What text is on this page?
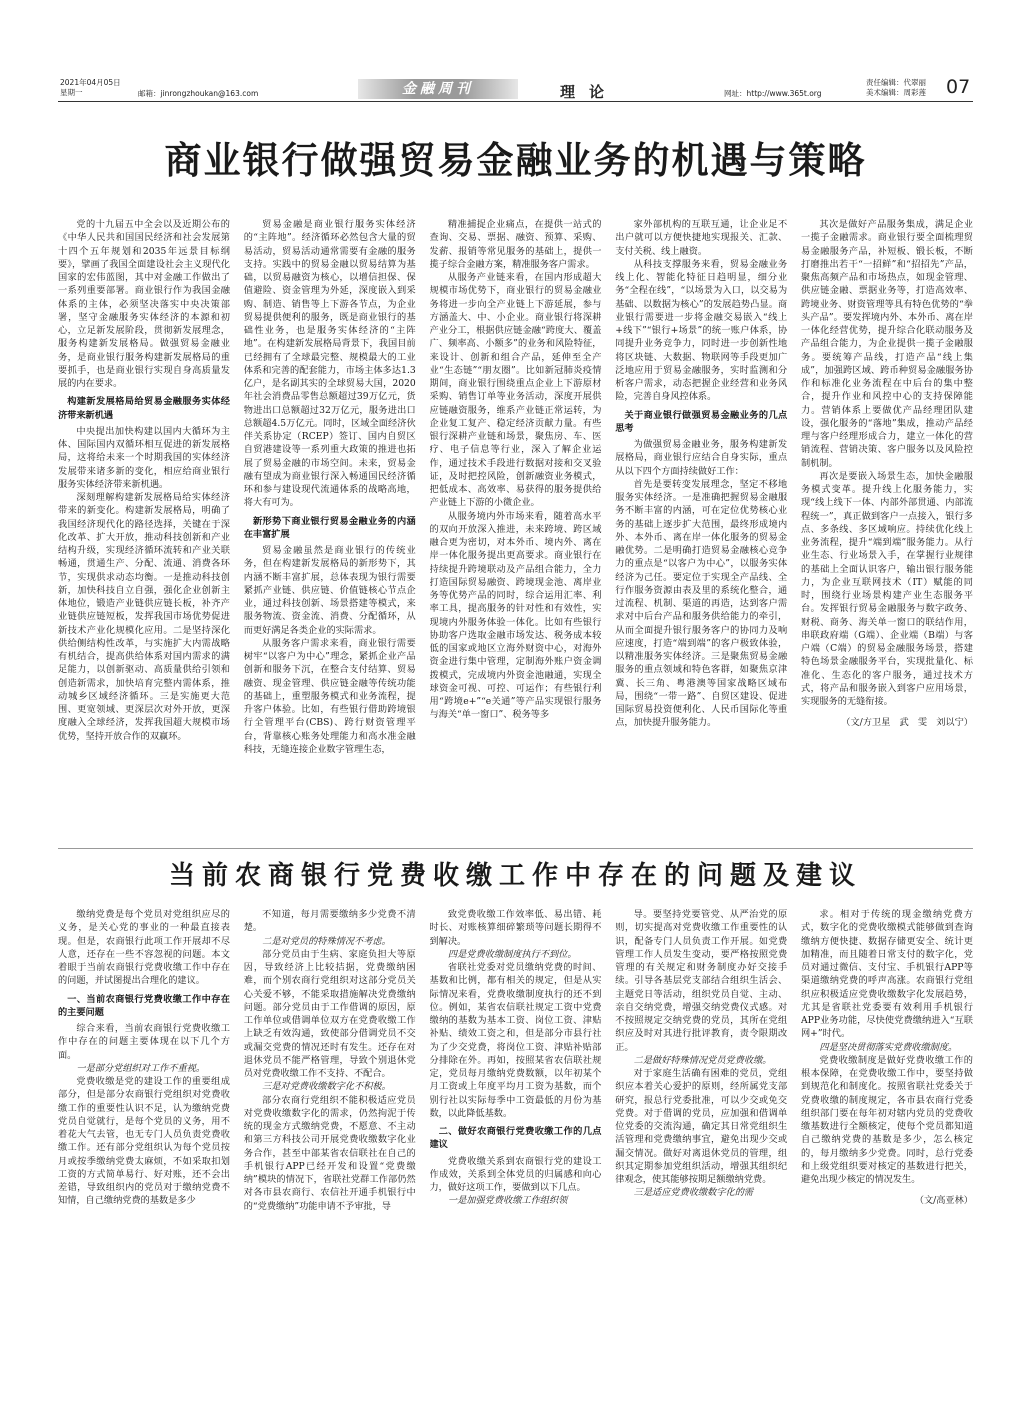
2021年04月05日
星期一	邮箱：jinrongzhoukan@163.com	金融周刊	理论	网址：http://www.365t.org
责任编辑：代翠丽
美术编辑：周彩莲 07
商业银行做强贸易金融业务的机遇与策略

党的十九届五中全会以及近期公布的《中华人民共和国国民经济和社会发展第十四个五年规划和2035年远景目标纲要》，擘画了我国全面建设社会主义现代化国家的宏伟蓝图，其中对金融工作做出了一系列重要部署。商业银行作为我国金融体系的主体，必须坚决落实中央决策部署，坚守金融服务实体经济的本源和初心，立足新发展阶段，贯彻新发展理念，服务构建新发展格局。做强贸易金融业务，是商业银行服务构建新发展格局的重要抓手，也是商业银行实现自身高质量发展的内在要求。

构建新发展格局给贸易金融服务实体经济带来新机遇

中央提出加快构建以国内大循环为主体、国际国内双循环相互促进的新发展格局，这将给未来一个时期我国的实体经济发展带来诸多新的变化，相应给商业银行服务实体经济带来新机遇。

深刻理解构建新发展格局给实体经济带来的新变化。构建新发展格局，明确了我国经济现代化的路径选择，关键在于深化改革、扩大开放，推动科技创新和产业结构升级，实现经济循环流转和产业关联畅通，贯通生产、分配、流通、消费各环节，实现供求动态均衡。一是推动科技创新，加快科技自立自强，强化企业创新主体地位，锻造产业链供应链长板，补齐产业链供应链短板，发挥我国市场优势促进新技术产业化规模化应用。二是坚持深化供给侧结构性改革，与实施扩大内需战略有机结合，提高供给体系对国内需求的满足能力，以创新驱动、高质量供给引领和创造新需求，加快培育完整内需体系，推动城乡区域经济循环。三是实施更大范围、更宽领域、更深层次对外开放，更深度融入全球经济，发挥我国超大规模市场优势，坚持开放合作的双赢环。

贸易金融是商业银行服务实体经济的“主阵地”。经济循环必然包含大量的贸易活动，贸易活动通常需要有金融的服务支持。实践中的贸易金融以贸易结算为基础，以贸易融资为核心，以增信担保、保值避险、资金管理为外延，深度嵌入到采购、制造、销售等上下游各节点，为企业贸易提供便利的服务，既是商业银行的基础性业务，也是服务实体经济的“主阵地”。在构建新发展格局背景下，我国目前已经拥有了全球最完整、规模最大的工业体系和完善的配套能力，市场主体多达1.3亿户，是名副其实的全球贸易大国，2020年社会消费品零售总额超过39万亿元，货物进出口总额超过32万亿元，服务进出口总额超4.5万亿元。同时，区域全面经济伙伴关系协定（RCEP）签订、国内自贸区自贸港建设等一系列重大政策的推进也拓展了贸易金融的市场空间。未来，贸易金融有望成为商业银行深入畅通国民经济循环和参与建设现代流通体系的战略高地，将大有可为。

新形势下商业银行贸易金融业务的内涵在丰富扩展

贸易金融虽然是商业银行的传统业务，但在构建新发展格局的新形势下，其内涵不断丰富扩展，总体表现为银行需要紧抓产业链、供应链、价值链核心节点企业，通过科技创新、场景搭建等模式，来服务物流、资金流、消费、分配循环，从而更好满足各类企业的实际需求。

从服务客户需求来看，商业银行需要树牢“以客户为中心”理念，紧抓企业产品创新和服务下沉，在整合支付结算、贸易融资、现金管理、供应链金融等传统功能的基础上，重塑服务模式和业务流程，提升客户体验。比如，有些银行借助跨境银行全管理平台(CBS)、跨行财资管理平台，背靠核心账务处理能力和高水准金融科技，无缝连接企业数字管理生态，

精准捕捉企业痛点，在提供一站式的查询、交易、票据、融资、预算、采购、发薪、报销等常见服务的基础上，提供一揽子综合金融方案，精准服务客户需求。

从服务产业链来看，在国内形成超大规模市场优势下，商业银行的贸易金融业务将进一步向全产业链上下游延展，参与方涵盖大、中、小企业。商业银行将深耕产业分工，根据供应链金融“跨度大、覆盖广、频率高、小额多”的业务和风险特征，来设计、创新和组合产品，延伸至全产业“生态链”“朋友圈”。比如新冠肺炎疫情期间，商业银行围绕重点企业上下游原材采购、销售订单等业务活动，深度开展供应链融资服务，维系产业链正常运转，为企业复工复产、稳定经济贡献力量。有些银行深耕产业链和场景，聚焦房、车、医疗、电子信息等行业，深入了解企业运作，通过技术手段进行数据对接和交叉验证，及时把控风险，创新融资业务模式，把低成本、高效率、易获得的服务提供给产业链上下游的小微企业。

从服务境内外市场来看，随着高水平的双向开放深入推进，未来跨境、跨区域融合更为密切，对本外币、境内外、离在岸一体化服务提出更高要求。商业银行在持续提升跨境联动及产品组合能力，全力打造国际贸易融资、跨境现金池、离岸业务等优势产品的同时，综合运用汇率、利率工具，提高服务的针对性和有效性，实现境内外服务体验一体化。比如有些银行协助客户选取金融市场发达、税务成本较低的国家或地区立海外财资中心，对海外资金进行集中管理，定制海外账户资金调拨模式，完成境内外资金池融通，实现全球资金可视、可控、可运作；有些银行利用“跨境e+”“e关通”等产品实现银行服务与海关“单一窗口”、税务等多

家外部机构的互联互通，让企业足不出户就可以方便快捷地实现报关、汇款、支付关税、线上融资。

从科技支撑服务来看，贸易金融业务线上化、智能化特征日趋明显，细分业务“全程在线”，“以场景为入口，以交易为基础、以数据为核心”的发展趋势凸显。商业银行需要进一步将金融交易嵌入“线上+线下”“银行+场景”的统一账户体系，协同提升业务竞争力，同时进一步创新性地将区块链、大数据、物联网等手段更加广泛地应用于贸易金融服务，实时监测和分析客户需求，动态把握企业经营和业务风险，完善自身风控体系。

关于商业银行做强贸易金融业务的几点思考

为做强贸易金融业务，服务构建新发展格局，商业银行应结合自身实际，重点从以下四个方面持续做好工作：

首先是要转变发展理念，坚定不移地服务实体经济。一是准确把握贸易金融服务不断丰富的内涵，可在定位优势核心业务的基础上逐步扩大范围，最终形成境内外、本外币、离在岸一体化服务的贸易金融优势。二是明确打造贸易金融核心竞争力的重点是“以客户为中心”，以服务实体经济为己任。要定位于实现全产品线、全行作服务资源由表及里的系统化整合，通过流程、机制、渠道的再造，达到客户需求对中后台产品和服务供给能力的牵引，从而全面提升银行服务客户的协同力及响应速度，打造“端到端”的客户极致体验，以精准服务实体经济。三是聚焦贸易金融服务的重点领域和特色客群，如聚焦京津冀、长三角、粤港澳等国家战略区域布局，围绕“一带一路”、自贸区建设、促进国际贸易投资便利化、人民币国际化等重点，加快提升服务能力。

其次是做好产品服务集成，满足企业一揽子金融需求。商业银行要全面梳理贸易金融服务产品，补短板、锻长板，不断打磨推出若干“一招鲜”和“招招先”产品，聚焦高频产品和市场热点，如现金管理、供应链金融、票据业务等，打造高效率、跨境业务、财资管理等具有特色优势的“拳头产品”。要发挥境内外、本外币、离在岸一体化经营优势，提升综合化联动服务及产品组合能力，为企业提供一揽子金融服务。要统筹产品线，打造产品“线上集成”，加强跨区域、跨币种贸易金融服务协作和标准化业务流程在中后台的集中整合，提升作业和风控中心的支持保障能力。营销体系上要做优产品经理团队建设，强化服务的“落地”集成，推动产品经理与客户经理形成合力，建立一体化的营销流程、营销决策、客户服务以及风险控制机制。

再次是要嵌入场景生态，加快金融服务模式变革。提升线上化服务能力，实现“线上线下一体、内部外部贯通、内部流程统一”，真正做到客户一点接入，银行多点、多条线、多区域响应。持续优化线上业务流程，提升“端到端”服务能力。从行业生态、行业场景入手，在掌握行业规律的基础上全面认识客户，输出银行服务能力，为企业互联网技术（IT）赋能的同时，围绕行业场景构建产业生态服务平台。发挥银行贸易金融服务与数字政务、财税、商务、海关单一窗口的联结作用，串联政府端（G端）、企业端（B端）与客户端（C端）的贸易金融服务场景，搭建特色场景金融服务平台，实现批量化、标准化、生态化的客户服务，通过技术方式，将产品和服务嵌入到客户应用场景，实现服务的无缝衔接。

（文/方卫星　武　雯　刘以宁）

当前农商银行党费收缴工作中存在的问题及建议

缴纳党费是每个党员对党组织应尽的义务，是关心党的事业的一种最直接表现。但是，农商银行此项工作开展却不尽人意，还存在一些不容忽视的问题。本文着眼于当前农商银行党费收缴工作中存在的问题，并试图提出合理化的建议。

一、当前农商银行党费收缴工作中存在的主要问题

综合来看，当前农商银行党费收缴工作中存在的问题主要体现在以下几个方面。

一是部分党组织对工作不重视。

党费收缴是党的建设工作的重要组成部分，但是部分农商银行党组织对党费收缴工作的重要性认识不足，认为缴纳党费党员自觉就行，是每个党员的义务，用不着花大气去管，也无专门人员负责党费收缴工作。还有部分党组织认为每个党员按月或按季缴纳党费太麻烦，不如采取扣划工资的方式简单易行、好对账，还不会出差错，导致组织内的党员对于缴纳党费不知情，自己缴纳党费的基数是多少

不知道，每月需要缴纳多少党费不清楚。

二是对党员的特殊情况不考虑。

部分党员由于生病、家庭负担大等原因，导致经济上比较拮据，党费缴纳困难，而个别农商行党组织对这部分党员关心关爱不够，不能采取措施解决党费缴纳问题。部分党员由于工作借调的原因，原工作单位或借调单位双方在党费收缴工作上缺乏有效沟通，致使部分借调党员不交或漏交党费的情况还时有发生。还存在对退休党员不能严格管理，导致个别退休党员对党费收缴工作不支持、不配合。

三是对党费收缴数字化不积极。

部分农商行党组织不能积极适应党员对党费收缴数字化的需求，仍然拘泥于传统的现金方式缴纳党费，不愿意、不主动和第三方科技公司开展党费收缴数字化业务合作，甚至中部某省农信联社在自己的手机银行APP已经开发和设置“党费缴纳”模块的情况下，省联社党群工作部仍然对各市县农商行、农信社开通手机银行中的“党费缴纳”功能申请不予审批，导

致党费收缴工作效率低、易出错、耗时长、对账核算细碎繁琐等问题长期得不到解决。

四是党费收缴制度执行不到位。

省联社党委对党员缴纳党费的时间、基数和比例，都有相关的规定，但是从实际情况来看，党费收缴制度执行的还不到位。例如，某省农信联社规定工资中党费缴纳的基数为基本工资、岗位工资、津贴补贴、绩效工资之和，但是部分市县行社为了少交党费，将岗位工资、津贴补贴部分排除在外。再如，按照某省农信联社规定，党员每月缴纳党费数额，以年初某个月工资或上年度平均月工资为基数，而个别行社以实际每季中工资最低的月份为基数，以此降低基数。

二、做好农商银行党费收缴工作的几点建议

党费收缴关系到农商银行党的建设工作成效，关系到全体党员的归属感和向心力，做好这项工作，要做到以下几点。

一是加强党费收缴工作组织领

导。要坚持党要管党、从严治党的原则，切实提高对党费收缴工作重要性的认识，配备专门人员负责工作开展。如党费管理工作人员发生变动，要严格按照党费管理的有关规定和财务制度办好交接手续。引导各基层党支部结合组织生活会、主题党日等活动，组织党员自觉、主动、亲自交纳党费，增强交纳党费仪式感。对不按照规定交纳党费的党员，其所在党组织应及时对其进行批评教育，责令限期改正。

二是做好特殊情况党员党费收缴。

对于家庭生活确有困难的党员，党组织应本着关心爱护的原则，经所属党支部研究，报总行党委批准，可以少交或免交党费。对于借调的党员，应加强和借调单位党委的交流沟通，确定其日常党组织生活管理和党费缴纳事宜，避免出现少交或漏交情况。做好对离退休党员的管理，组织其定期参加党组织活动，增强其组织纪律观念，使其能够按期足额缴纳党费。

三是适应党费收缴数字化的需

求。相对于传统的现金缴纳党费方式，数字化的党费收缴模式能够做到查询缴纳方便快捷、数据存储更安全、统计更加精准，而且随着日常支付的数字化，党员对通过微信、支付宝、手机银行APP等渠道缴纳党费的呼声高涨。农商银行党组织应积极适应党费收缴数字化发展趋势，尤其是省联社党委要有效利用手机银行APP业务功能，尽快使党费缴纳进入“互联网+”时代。

四是坚决贯彻落实党费收缴制度。

党费收缴制度是做好党费收缴工作的根本保障，在党费收缴工作中，要坚持做到规范化和制度化。按照省联社党委关于党费收缴的制度规定，各市县农商行党委组织部门要在每年初对辖内党员的党费收缴基数进行全额核定，使每个党员都知道自己缴纳党费的基数是多少，怎么核定的，每月缴纳多少党费。同时，总行党委和上级党组织要对核定的基数进行把关，避免出现少核定的情况发生。

（文/高亚林）
